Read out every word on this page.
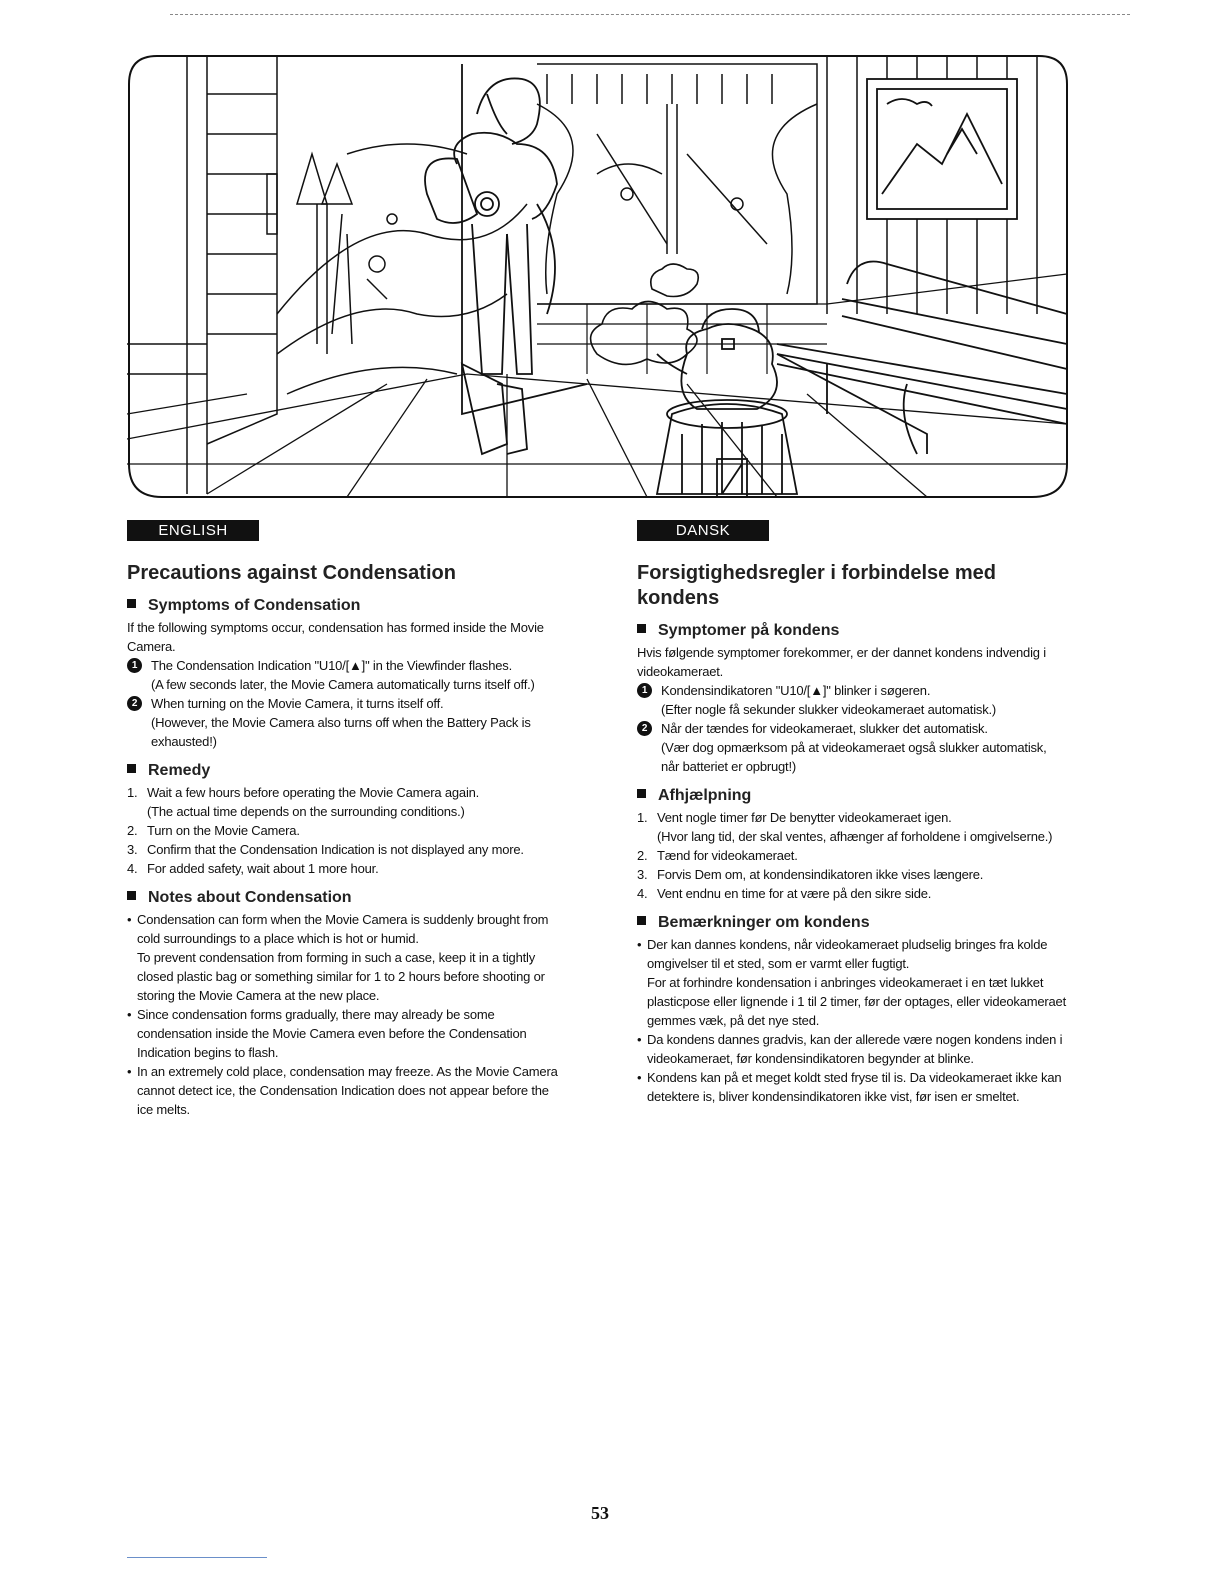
ENGLISH
Precautions against Condensation
Symptoms of Condensation

If the following symptoms occur, condensation has formed inside the Movie Camera.

1	The Condensation Indication "U10/[▲]" in the Viewfinder flashes.
(A few seconds later, the Movie Camera automatically turns itself off.)
2	When turning on the Movie Camera, it turns itself off.
(However, the Movie Camera also turns off when the Battery Pack is exhausted!)
Remedy
1. Wait a few hours before operating the Movie Camera again.
(The actual time depends on the surrounding conditions.)
2. Turn on the Movie Camera.
3. Confirm that the Condensation Indication is not displayed any more.
4. For added safety, wait about 1 more hour.
Notes about Condensation
• Condensation can form when the Movie Camera is suddenly brought from cold surroundings to a place which is hot or humid.
To prevent condensation from forming in such a case, keep it in a tightly closed plastic bag or something similar for 1 to 2 hours before shooting or storing the Movie Camera at the new place.
• Since condensation forms gradually, there may already be some condensation inside the Movie Camera even before the Condensation Indication begins to flash.
• In an extremely cold place, condensation may freeze. As the Movie Camera cannot detect ice, the Condensation Indication does not appear before the ice melts.
DANSK
Forsigtighedsregler i forbindelse med kondens
Symptomer på kondens

Hvis følgende symptomer forekommer, er der dannet kondens indvendig i videokameraet.

1	Kondensindikatoren "U10/[▲]" blinker i søgeren.
(Efter nogle få sekunder slukker videokameraet automatisk.)
2	Når der tændes for videokameraet, slukker det automatisk.
(Vær dog opmærksom på at videokameraet også slukker automatisk, når batteriet er opbrugt!)
Afhjælpning
1. Vent nogle timer før De benytter videokameraet igen.
(Hvor lang tid, der skal ventes, afhænger af forholdene i omgivelserne.)
2. Tænd for videokameraet.
3. Forvis Dem om, at kondensindikatoren ikke vises længere.
4. Vent endnu en time for at være på den sikre side.
Bemærkninger om kondens
• Der kan dannes kondens, når videokameraet pludselig bringes fra kolde omgivelser til et sted, som er varmt eller fugtigt.
For at forhindre kondensation i anbringes videokameraet i en tæt lukket plasticpose eller lignende i 1 til 2 timer, før der optages, eller videokameraet gemmes væk, på det nye sted.
• Da kondens dannes gradvis, kan der allerede være nogen kondens inden i videokameraet, før kondensindikatoren begynder at blinke.
• Kondens kan på et meget koldt sted fryse til is. Da videokameraet ikke kan detektere is, bliver kondensindikatoren ikke vist, før isen er smeltet.
53
